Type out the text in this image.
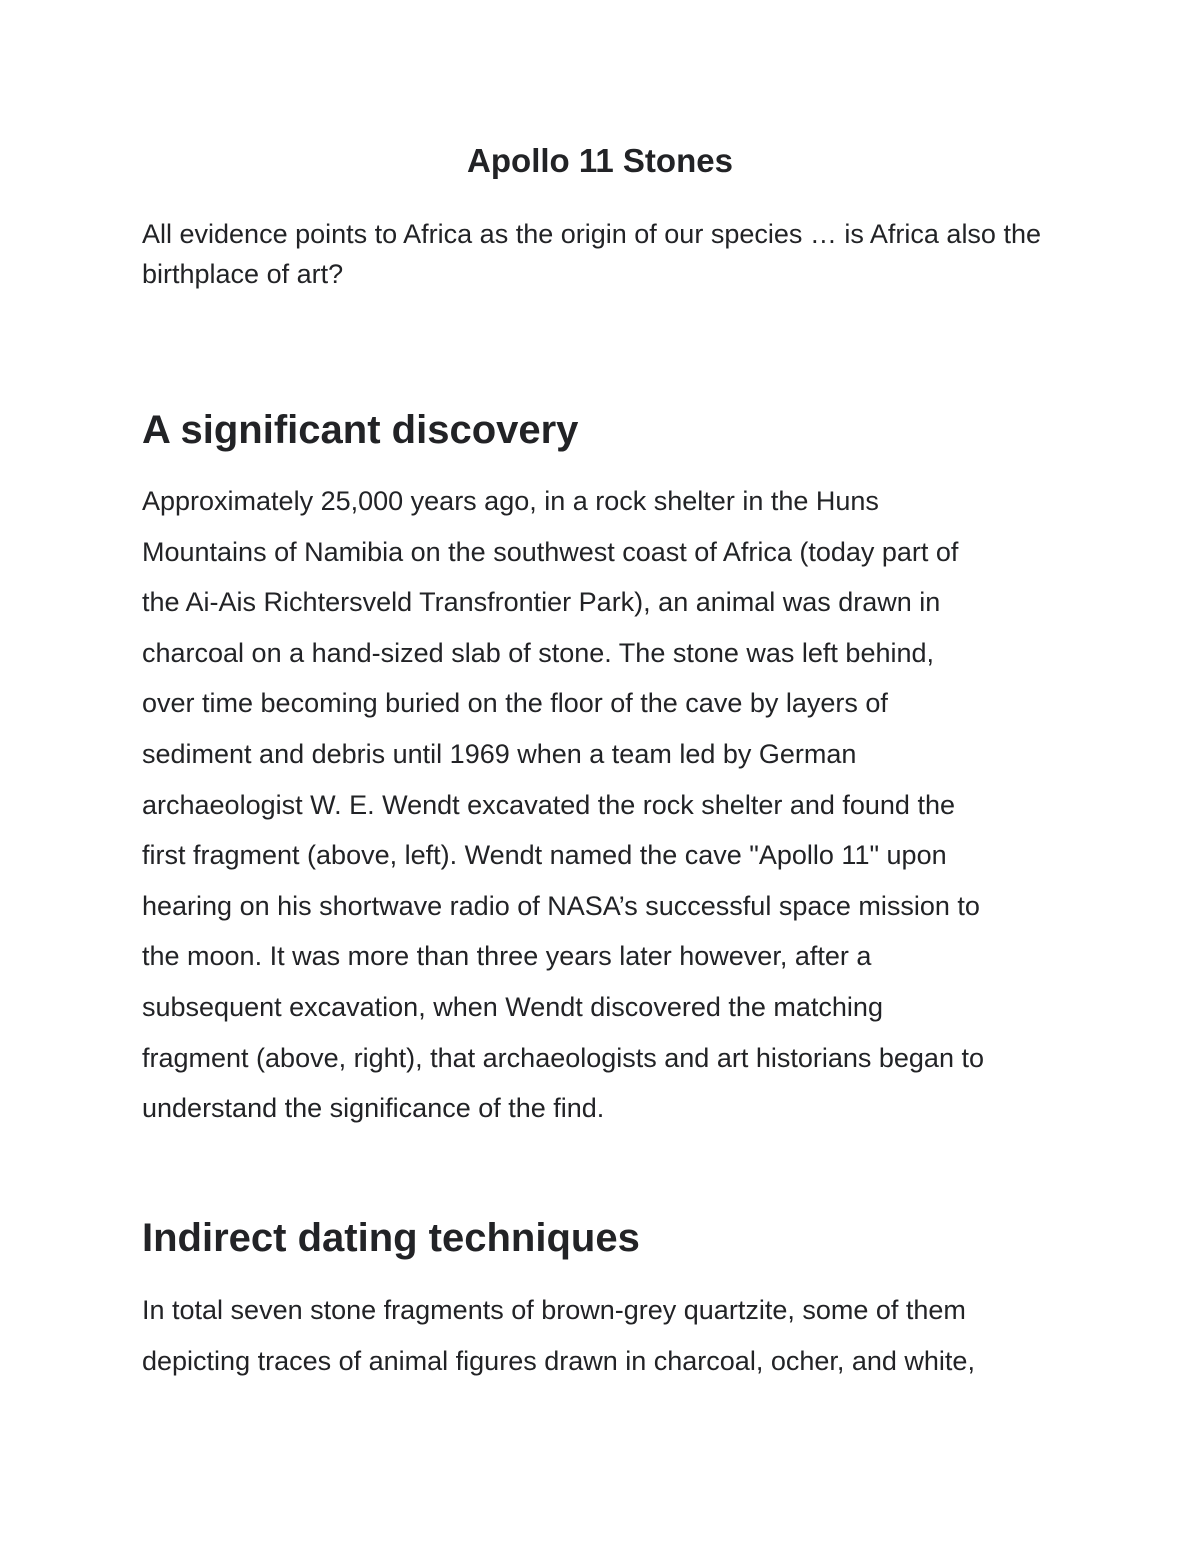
Apollo 11 Stones

All evidence points to Africa as the origin of our species … is Africa also the birthplace of art?

A significant discovery

Approximately 25,000 years ago, in a rock shelter in the Huns
Mountains of Namibia on the southwest coast of Africa (today part of
the Ai-Ais Richtersveld Transfrontier Park), an animal was drawn in
charcoal on a hand-sized slab of stone. The stone was left behind,
over time becoming buried on the floor of the cave by layers of
sediment and debris until 1969 when a team led by German
archaeologist W. E. Wendt excavated the rock shelter and found the
first fragment (above, left). Wendt named the cave "Apollo 11" upon
hearing on his shortwave radio of NASA’s successful space mission to
the moon. It was more than three years later however, after a
subsequent excavation, when Wendt discovered the matching
fragment (above, right), that archaeologists and art historians began to
understand the significance of the find.

Indirect dating techniques

In total seven stone fragments of brown-grey quartzite, some of them
depicting traces of animal figures drawn in charcoal, ocher, and white,
